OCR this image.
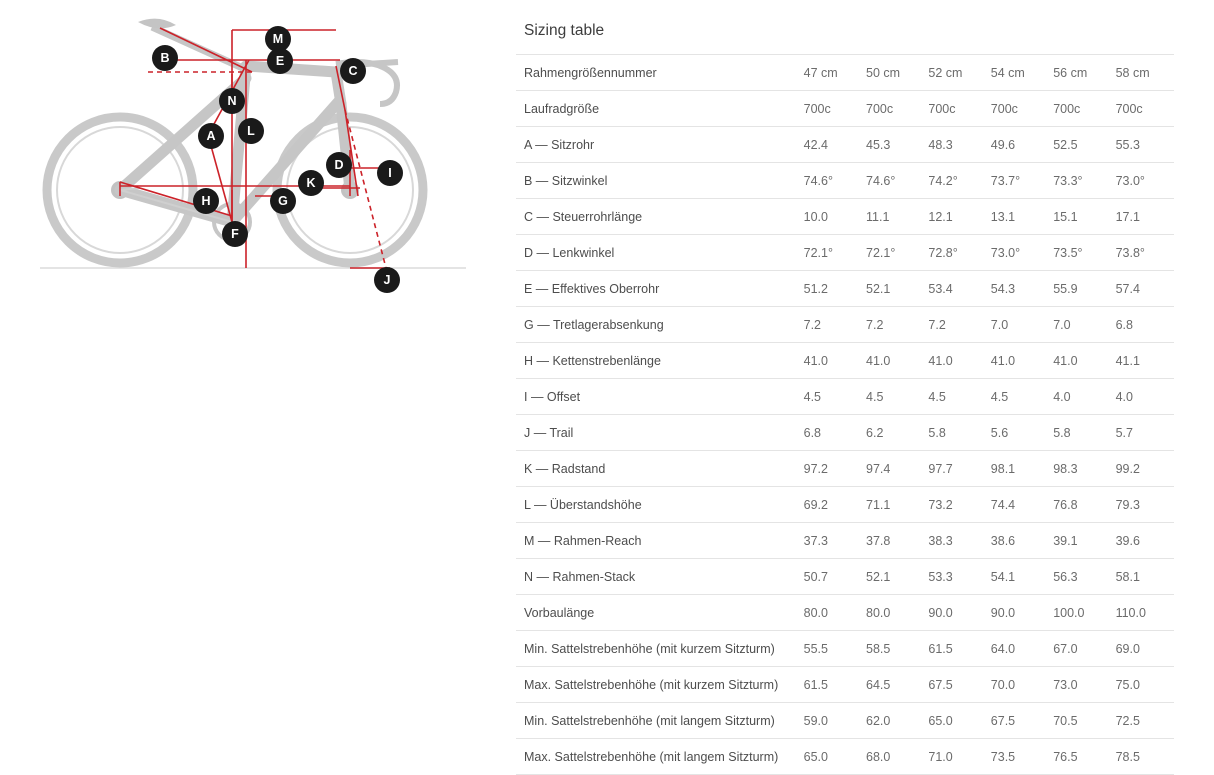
M
B	E
C
N
A	L
D
I
H	G
K
F
J
Sizing table
Rahmengrößennummer	47 cm	50 cm	52 cm	54 cm	56 cm	58 cm
Laufradgröße	700c	700c	700c	700c	700c	700c
A — Sitzrohr	42.4	45.3	48.3	49.6	52.5	55.3
B — Sitzwinkel	74.6°	74.6°	74.2°	73.7°	73.3°	73.0°
C — Steuerrohrlänge	10.0	11.1	12.1	13.1	15.1	17.1
D — Lenkwinkel	72.1°	72.1°	72.8°	73.0°	73.5°	73.8°
E — Effektives Oberrohr	51.2	52.1	53.4	54.3	55.9	57.4
G — Tretlagerabsenkung	7.2	7.2	7.2	7.0	7.0	6.8
H — Kettenstrebenlänge	41.0	41.0	41.0	41.0	41.0	41.1
I — Offset	4.5	4.5	4.5	4.5	4.0	4.0
J — Trail	6.8	6.2	5.8	5.6	5.8	5.7
K — Radstand	97.2	97.4	97.7	98.1	98.3	99.2
L — Überstandshöhe	69.2	71.1	73.2	74.4	76.8	79.3
M — Rahmen-Reach	37.3	37.8	38.3	38.6	39.1	39.6
N — Rahmen-Stack	50.7	52.1	53.3	54.1	56.3	58.1
Vorbaulänge	80.0	80.0	90.0	90.0	100.0	110.0
Min. Sattelstrebenhöhe (mit kurzem Sitzturm)	55.5	58.5	61.5	64.0	67.0	69.0
Max. Sattelstrebenhöhe (mit kurzem Sitzturm)	61.5	64.5	67.5	70.0	73.0	75.0
Min. Sattelstrebenhöhe (mit langem Sitzturm)	59.0	62.0	65.0	67.5	70.5	72.5
Max. Sattelstrebenhöhe (mit langem Sitzturm)	65.0	68.0	71.0	73.5	76.5	78.5
